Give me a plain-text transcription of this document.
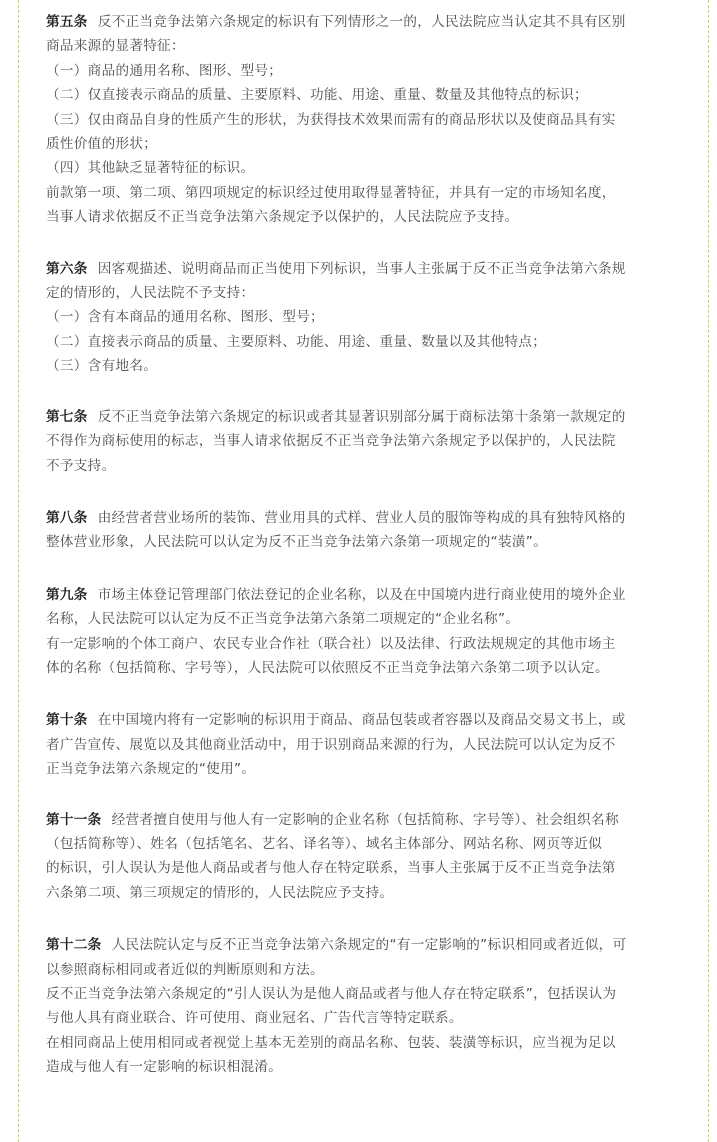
第五条 反不正当竞争法第六条规定的标识有下列情形之一的，人民法院应当认定其不具有区别
商品来源的显著特征：
（一）商品的通用名称、图形、型号；
（二）仅直接表示商品的质量、主要原料、功能、用途、重量、数量及其他特点的标识；
（三）仅由商品自身的性质产生的形状，为获得技术效果而需有的商品形状以及使商品具有实
质性价值的形状；
（四）其他缺乏显著特征的标识。
前款第一项、第二项、第四项规定的标识经过使用取得显著特征，并具有一定的市场知名度，
当事人请求依据反不正当竞争法第六条规定予以保护的，人民法院应予支持。
第六条 因客观描述、说明商品而正当使用下列标识，当事人主张属于反不正当竞争法第六条规
定的情形的，人民法院不予支持：
（一）含有本商品的通用名称、图形、型号；
（二）直接表示商品的质量、主要原料、功能、用途、重量、数量以及其他特点；
（三）含有地名。
第七条 反不正当竞争法第六条规定的标识或者其显著识别部分属于商标法第十条第一款规定的
不得作为商标使用的标志，当事人请求依据反不正当竞争法第六条规定予以保护的，人民法院
不予支持。
第八条 由经营者营业场所的装饰、营业用具的式样、营业人员的服饰等构成的具有独特风格的
整体营业形象，人民法院可以认定为反不正当竞争法第六条第一项规定的“装潢”。
第九条 市场主体登记管理部门依法登记的企业名称，以及在中国境内进行商业使用的境外企业
名称，人民法院可以认定为反不正当竞争法第六条第二项规定的“企业名称”。
有一定影响的个体工商户、农民专业合作社（联合社）以及法律、行政法规规定的其他市场主
体的名称（包括简称、字号等），人民法院可以依照反不正当竞争法第六条第二项予以认定。
第十条 在中国境内将有一定影响的标识用于商品、商品包装或者容器以及商品交易文书上，或
者广告宣传、展览以及其他商业活动中，用于识别商品来源的行为，人民法院可以认定为反不
正当竞争法第六条规定的“使用”。
第十一条 经营者擅自使用与他人有一定影响的企业名称（包括简称、字号等）、社会组织名称
（包括简称等）、姓名（包括笔名、艺名、译名等）、域名主体部分、网站名称、网页等近似
的标识，引人误认为是他人商品或者与他人存在特定联系，当事人主张属于反不正当竞争法第
六条第二项、第三项规定的情形的，人民法院应予支持。
第十二条 人民法院认定与反不正当竞争法第六条规定的“有一定影响的”标识相同或者近似，可
以参照商标相同或者近似的判断原则和方法。
反不正当竞争法第六条规定的“引人误认为是他人商品或者与他人存在特定联系”，包括误认为
与他人具有商业联合、许可使用、商业冠名、广告代言等特定联系。
在相同商品上使用相同或者视觉上基本无差别的商品名称、包装、装潢等标识，应当视为足以
造成与他人有一定影响的标识相混淆。
